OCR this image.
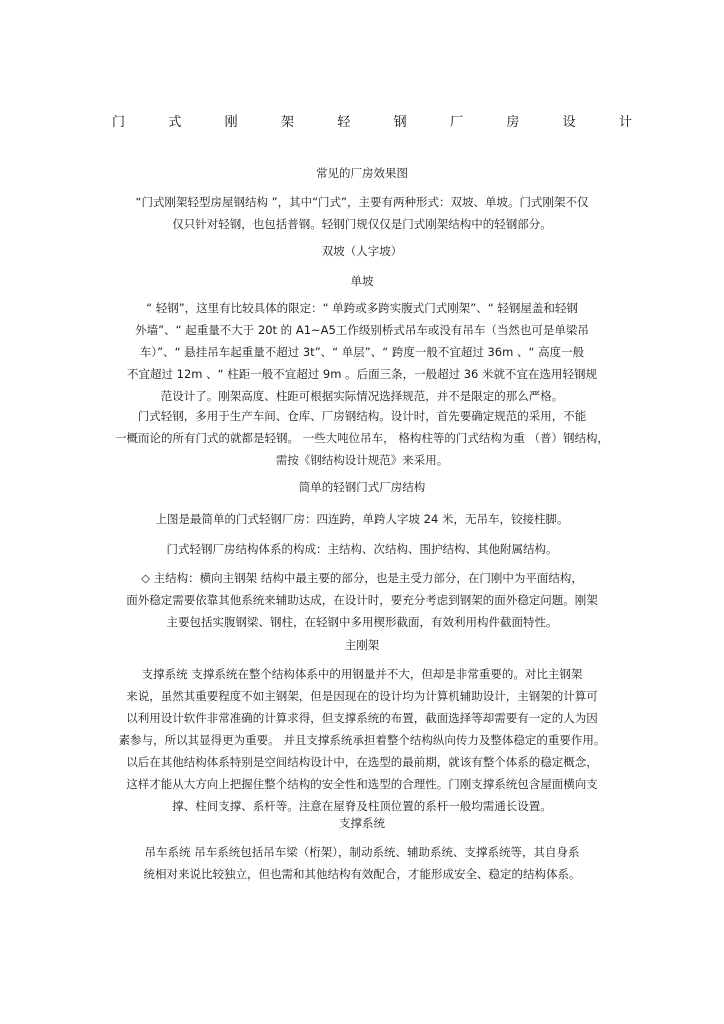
门	式	刚	架	轻	钢	厂	房	设	计
常见的厂房效果图
“门式刚架轻型房屋钢结构 ”，其中“门式”，主要有两种形式：双坡、单坡。门式刚架不仅
仅只针对轻钢，也包括普钢。轻钢门规仅仅是门式刚架结构中的轻钢部分。
双坡（人字坡）
单坡
“ 轻钢”，这里有比较具体的限定：“ 单跨或多跨实腹式门式刚架”、“ 轻钢屋盖和轻钢
外墙”、“ 起重量不大于 20t 的 A1~A5工作级别桥式吊车或没有吊车（当然也可是单梁吊
车）”、“ 悬挂吊车起重量不超过 3t”、“ 单层”、“ 跨度一般不宜超过 36m 、“ 高度一般
不宜超过 12m 、“ 柱距一般不宜超过 9m 。后面三条，一般超过 36 米就不宜在选用轻钢规
范设计了。刚架高度、柱距可根据实际情况选择规范，并不是限定的那么严格。
门式轻钢，多用于生产车间、仓库、厂房钢结构。设计时，首先要确定规范的采用，不能
一概而论的所有门式的就都是轻钢。 一些大吨位吊车， 格构柱等的门式结构为重 （普）钢结构，
需按《钢结构设计规范》来采用。
简单的轻钢门式厂房结构
上图是最简单的门式轻钢厂房：四连跨，单跨人字坡 24 米，无吊车，铰接柱脚。
门式轻钢厂房结构体系的构成：主结构、次结构、围护结构、其他附属结构。
◇ 主结构：横向主钢架 结构中最主要的部分，也是主受力部分，在门刚中为平面结构，
面外稳定需要依靠其他系统来辅助达成，在设计时，要充分考虑到钢架的面外稳定问题。刚架
主要包括实腹钢梁、钢柱，在轻钢中多用楔形截面，有效利用构件截面特性。
主刚架
支撑系统 支撑系统在整个结构体系中的用钢量并不大，但却是非常重要的。对比主钢架
来说，虽然其重要程度不如主钢架，但是因现在的设计均为计算机辅助设计，主钢架的计算可
以利用设计软件非常准确的计算求得，但支撑系统的布置，截面选择等却需要有一定的人为因
素参与，所以其显得更为重要。 并且支撑系统承担着整个结构纵向传力及整体稳定的重要作用。
以后在其他结构体系特别是空间结构设计中，在选型的最前期，就该有整个体系的稳定概念，
这样才能从大方向上把握住整个结构的安全性和选型的合理性。门刚支撑系统包含屋面横向支
撑、柱间支撑、系杆等。注意在屋脊及柱顶位置的系杆一般均需通长设置。
支撑系统
吊车系统 吊车系统包括吊车梁（桁架），制动系统、辅助系统、支撑系统等，其自身系
统相对来说比较独立，但也需和其他结构有效配合，才能形成安全、稳定的结构体系。
